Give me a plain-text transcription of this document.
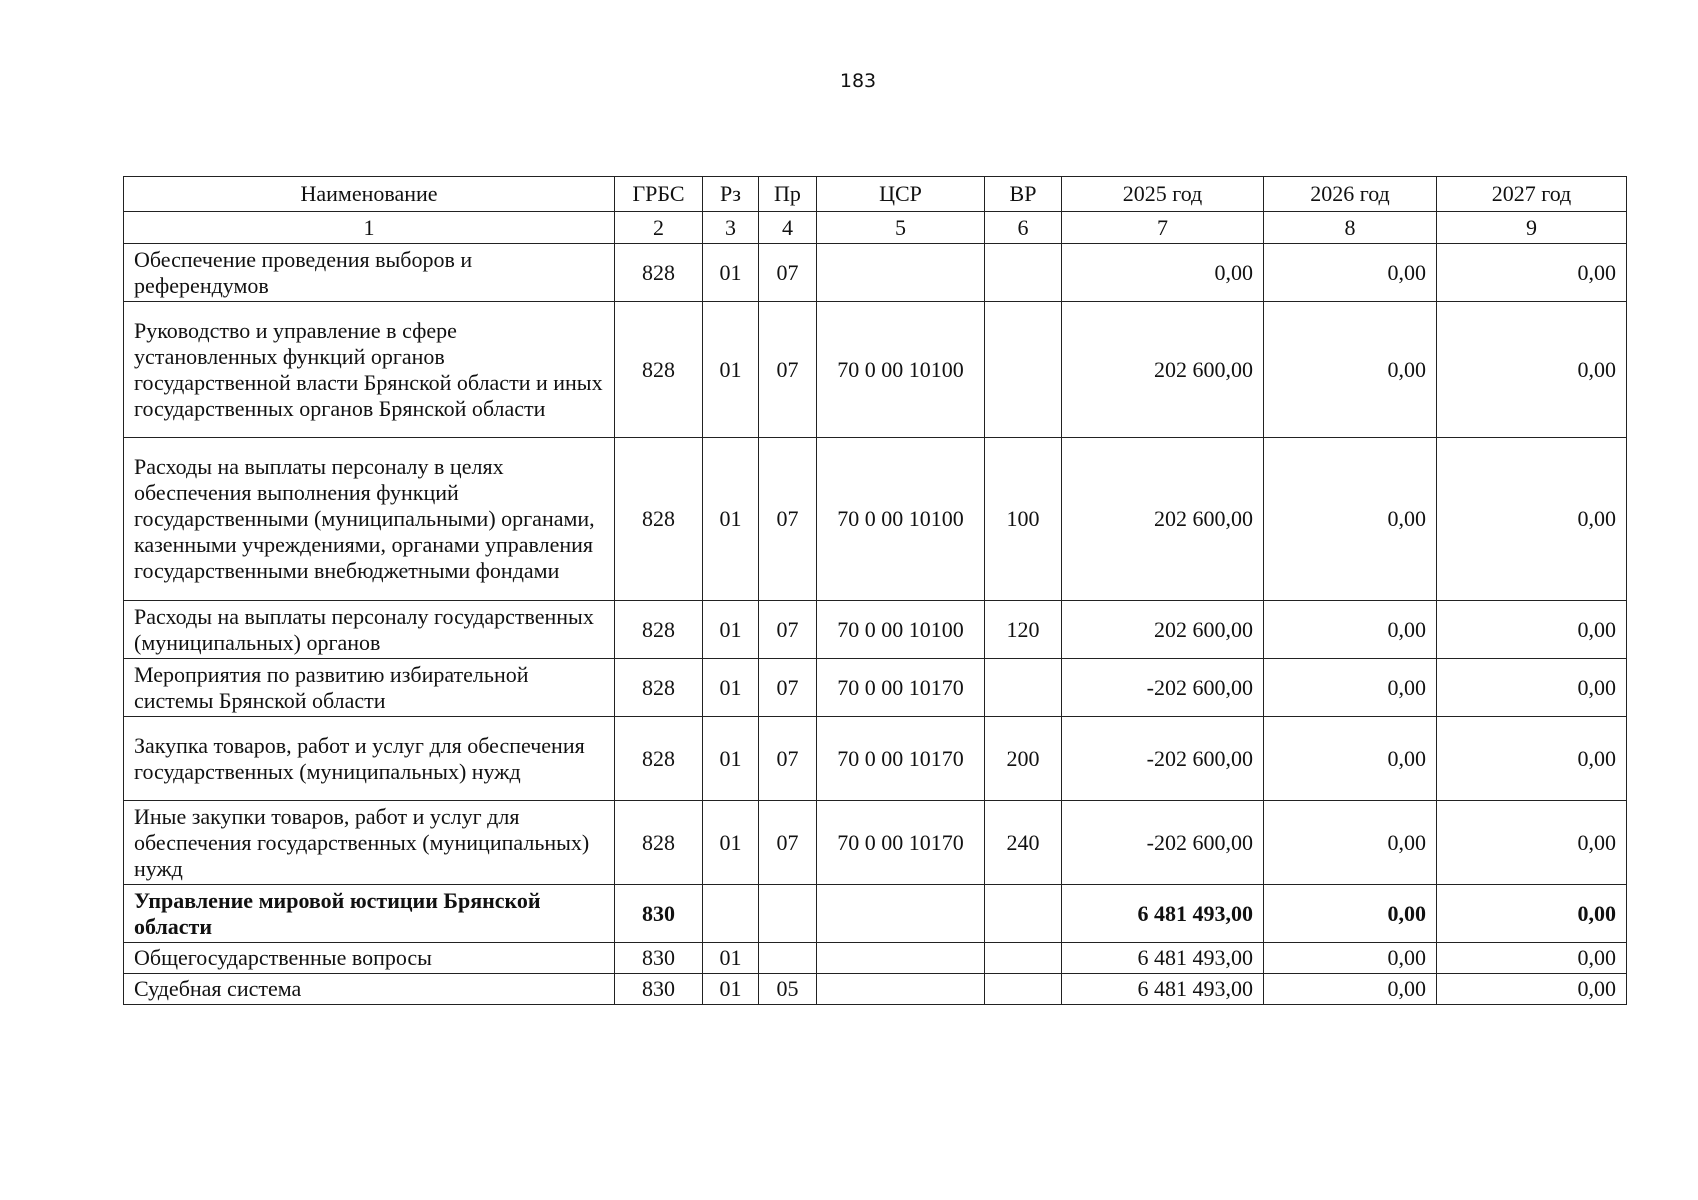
183
Наименование	ГРБС	Рз	Пр	ЦСР	ВР	2025 год	2026 год	2027 год
1	2	3	4	5	6	7	8	9
Обеспечение проведения выборов и референдумов	828	01	07			0,00	0,00	0,00
Руководство и управление в сфере установленных функций органов государственной власти Брянской области и иных государственных органов Брянской области	828	01	07	70 0 00 10100		202 600,00	0,00	0,00
Расходы на выплаты персоналу в целях обеспечения выполнения функций государственными (муниципальными) органами, казенными учреждениями, органами управления государственными внебюджетными фондами	828	01	07	70 0 00 10100	100	202 600,00	0,00	0,00
Расходы на выплаты персоналу государственных (муниципальных) органов	828	01	07	70 0 00 10100	120	202 600,00	0,00	0,00
Мероприятия по развитию избирательной системы Брянской области	828	01	07	70 0 00 10170		-202 600,00	0,00	0,00
Закупка товаров, работ и услуг для обеспечения государственных (муниципальных) нужд	828	01	07	70 0 00 10170	200	-202 600,00	0,00	0,00
Иные закупки товаров, работ и услуг для обеспечения государственных (муниципальных) нужд	828	01	07	70 0 00 10170	240	-202 600,00	0,00	0,00
Управление мировой юстиции Брянской области	830					6 481 493,00	0,00	0,00
Общегосударственные вопросы	830	01				6 481 493,00	0,00	0,00
Судебная система	830	01	05			6 481 493,00	0,00	0,00
